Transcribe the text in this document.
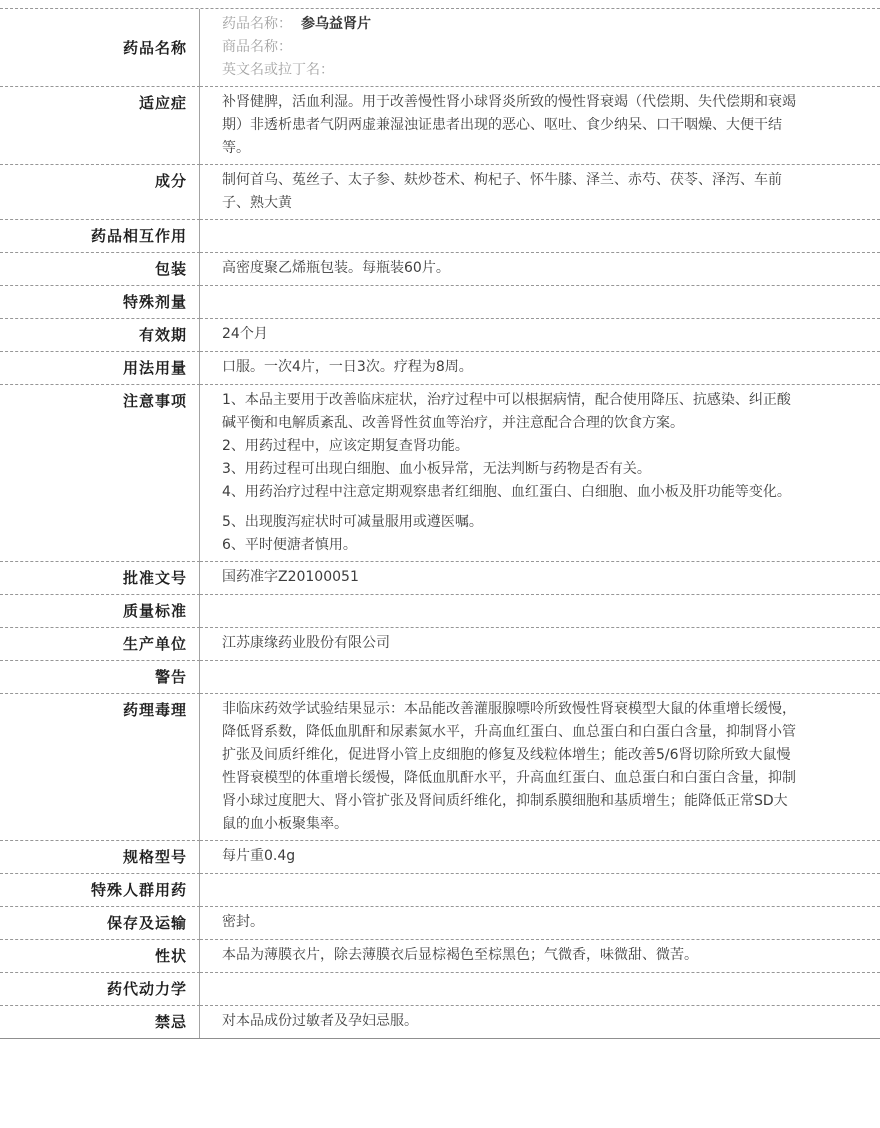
药品名称	
药品名称： 参乌益肾片
商品名称：
英文名或拉丁名：

适应症	补肾健脾，活血利湿。用于改善慢性肾小球肾炎所致的慢性肾衰竭（代偿期、失代偿期和衰竭期）非透析患者气阴两虚兼湿浊证患者出现的恶心、呕吐、食少纳呆、口干咽燥、大便干结等。

成分	制何首乌、菟丝子、太子参、麸炒苍术、枸杞子、怀牛膝、泽兰、赤芍、茯苓、泽泻、车前子、熟大黄

药品相互作用	

包装	高密度聚乙烯瓶包装。每瓶装60片。

特殊剂量	

有效期	24个月

用法用量	口服。一次4片，一日3次。疗程为8周。

注意事项	1、本品主要用于改善临床症状，治疗过程中可以根据病情，配合使用降压、抗感染、纠正酸碱平衡和电解质紊乱、改善肾性贫血等治疗，并注意配合合理的饮食方案。
2、用药过程中，应该定期复查肾功能。
3、用药过程可出现白细胞、血小板异常，无法判断与药物是否有关。
4、用药治疗过程中注意定期观察患者红细胞、血红蛋白、白细胞、血小板及肝功能等变化。
5、出现腹泻症状时可减量服用或遵医嘱。
6、平时便溏者慎用。

批准文号	国药准字Z20100051

质量标准	

生产单位	江苏康缘药业股份有限公司

警告	

药理毒理	非临床药效学试验结果显示：本品能改善灌服腺嘌呤所致慢性肾衰模型大鼠的体重增长缓慢，降低肾系数，降低血肌酐和尿素氮水平，升高血红蛋白、血总蛋白和白蛋白含量，抑制肾小管扩张及间质纤维化，促进肾小管上皮细胞的修复及线粒体增生；能改善5/6肾切除所致大鼠慢性肾衰模型的体重增长缓慢，降低血肌酐水平，升高血红蛋白、血总蛋白和白蛋白含量，抑制肾小球过度肥大、肾小管扩张及肾间质纤维化，抑制系膜细胞和基质增生；能降低正常SD大鼠的血小板聚集率。

规格型号	每片重0.4g

特殊人群用药	

保存及运输	密封。

性状	本品为薄膜衣片，除去薄膜衣后显棕褐色至棕黑色；气微香，味微甜、微苦。

药代动力学	

禁忌	对本品成份过敏者及孕妇忌服。
